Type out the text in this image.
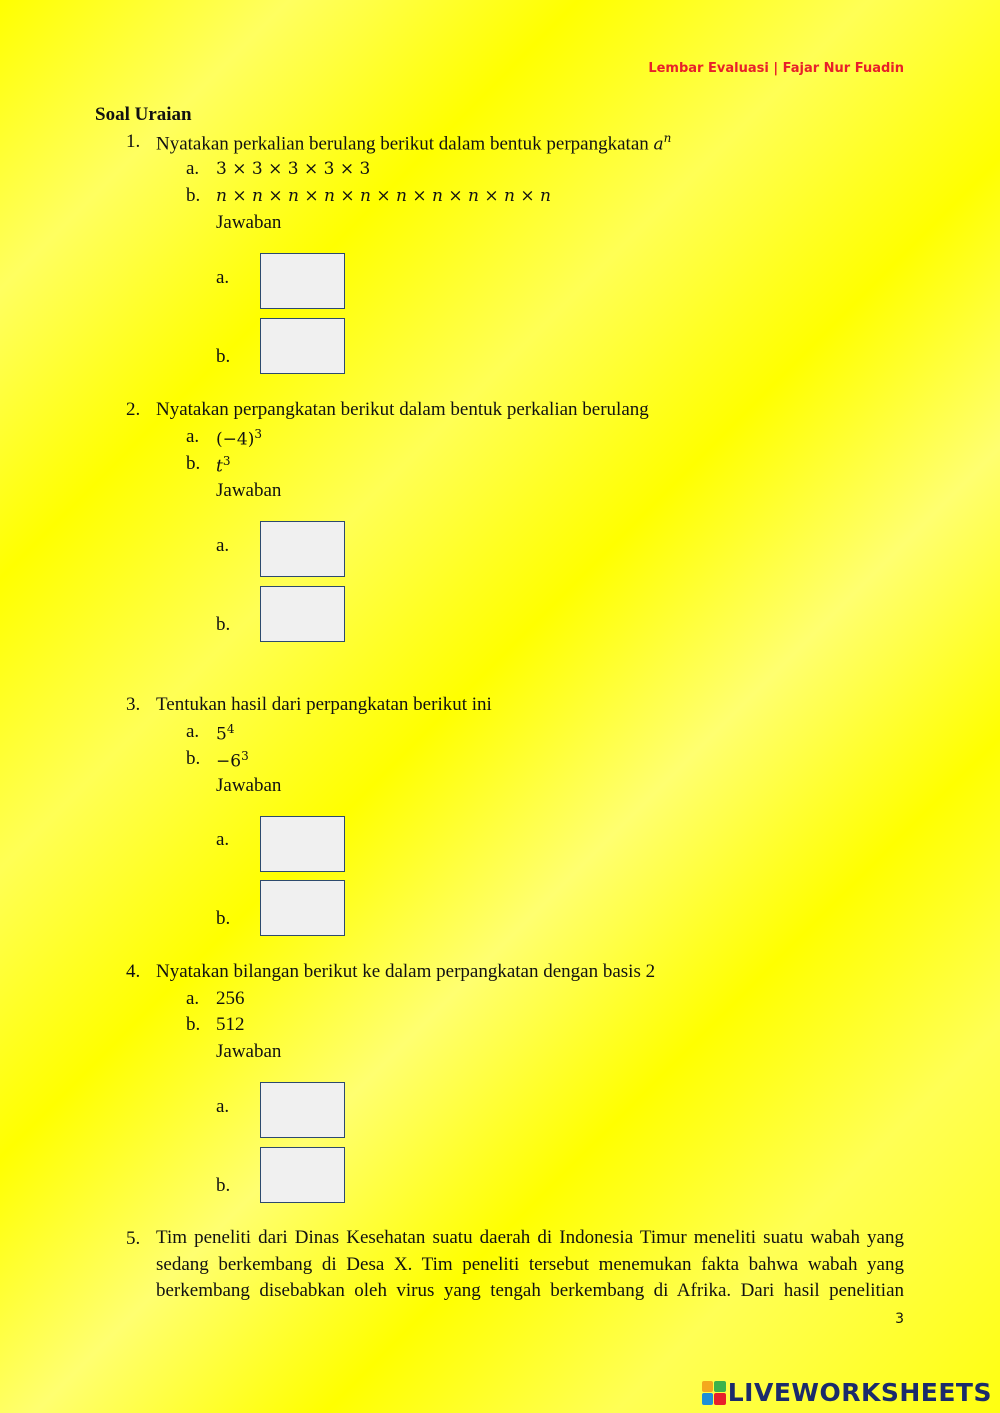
Lembar Evaluasi | Fajar Nur Fuadin
Soal Uraian
1. Nyatakan perkalian berulang berikut dalam bentuk perpangkatan $a^n$
a. 3 × 3 × 3 × 3 × 3
b. n × n × n × n × n × n × n × n × n × n
Jawaban
a.
b.
2. Nyatakan perpangkatan berikut dalam bentuk perkalian berulang
a. $(-4)^3$
b. $t^3$
Jawaban
a.
b.
3. Tentukan hasil dari perpangkatan berikut ini
a. $5^4$
b. $-6^3$
Jawaban
a.
b.
4. Nyatakan bilangan berikut ke dalam perpangkatan dengan basis 2
a. 256
b. 512
Jawaban
a.
b.
5. Tim peneliti dari Dinas Kesehatan suatu daerah di Indonesia Timur meneliti suatu wabah yang
sedang berkembang di Desa X. Tim peneliti tersebut menemukan fakta bahwa wabah yang
berkembang disebabkan oleh virus yang tengah berkembang di Afrika. Dari hasil penelitian
3
LIVEWORKSHEETS
